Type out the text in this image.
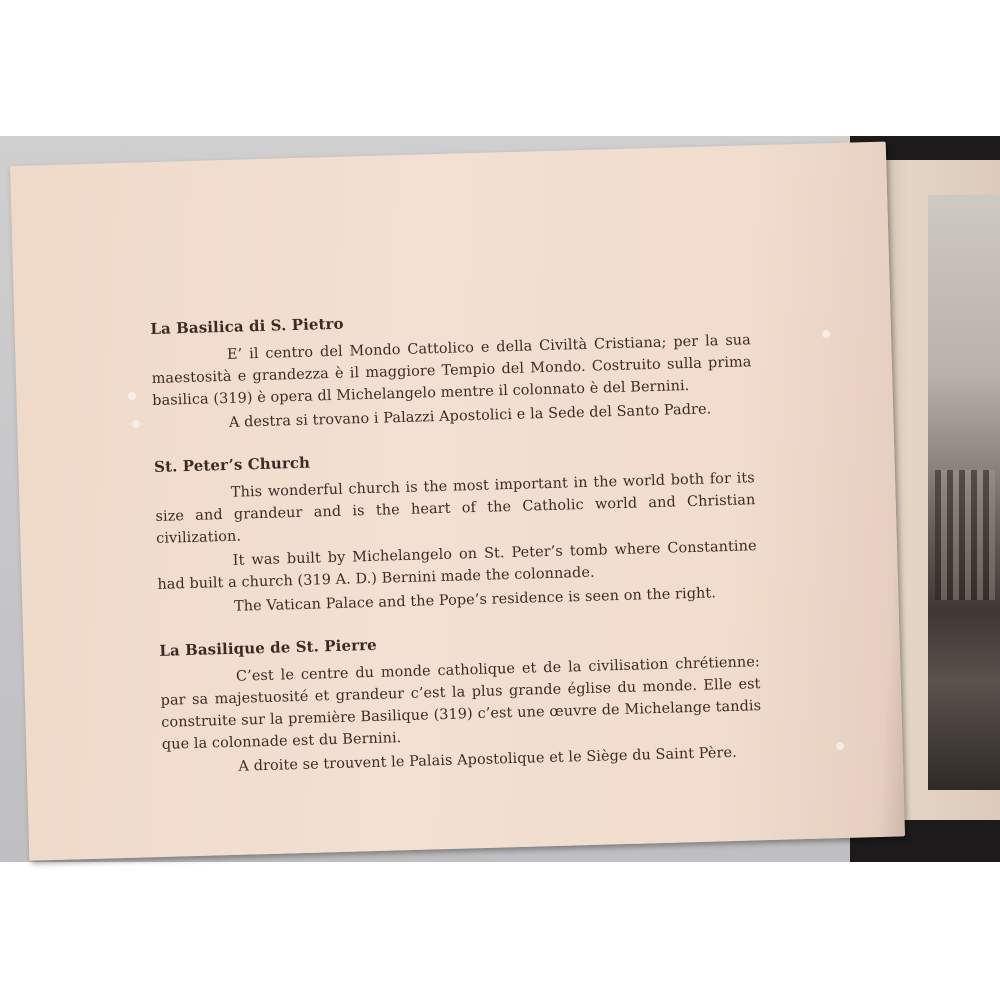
La Basilica di S. Pietro

E’ il centro del Mondo Cattolico e della Civiltà Cristiana; per la sua maestosità e grandezza è il maggiore Tempio del Mondo. Costruito sulla prima basilica (319) è opera dl Michelangelo mentre il colonnato è del Bernini.

A destra si trovano i Palazzi Apostolici e la Sede del Santo Padre.

St. Peter’s Church

This wonderful church is the most important in the world both for its size and grandeur and is the heart of the Catholic world and Christian civilization.

It was built by Michelangelo on St. Peter’s tomb where Constantine had built a church (319 A. D.) Bernini made the colonnade.

The Vatican Palace and the Pope’s residence is seen on the right.

La Basilique de St. Pierre

C’est le centre du monde catholique et de la civilisation chrétienne: par sa majestuosité et grandeur c’est la plus grande église du monde. Elle est construite sur la première Basilique (319) c’est une œuvre de Michelange tandis que la colonnade est du Bernini.

A droite se trouvent le Palais Apostolique et le Siège du Saint Père.
